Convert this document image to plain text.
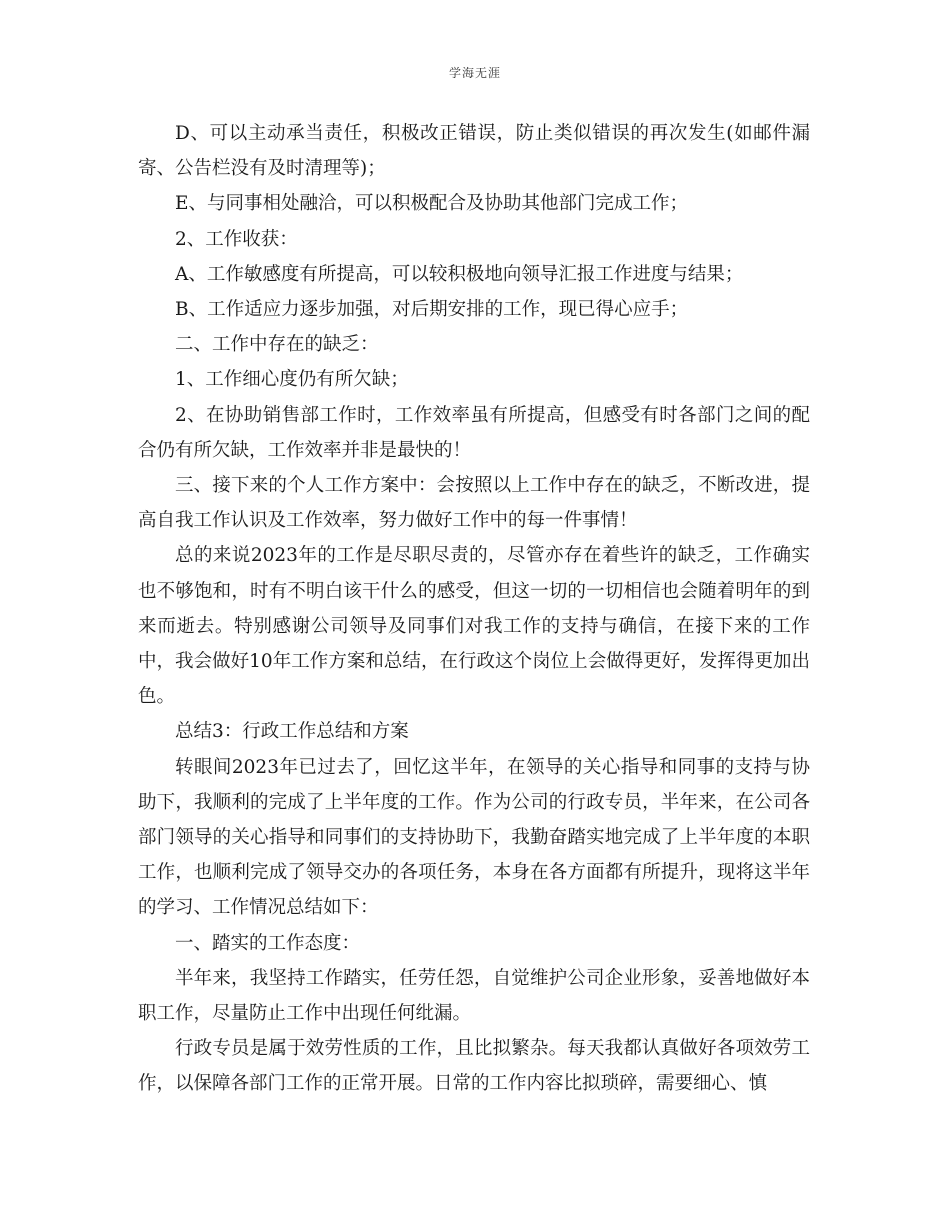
学海无涯

D、可以主动承当责任，积极改正错误，防止类似错误的再次发生(如邮件漏寄、公告栏没有及时清理等)；

E、与同事相处融洽，可以积极配合及协助其他部门完成工作；

2、工作收获：

A、工作敏感度有所提高，可以较积极地向领导汇报工作进度与结果；

B、工作适应力逐步加强，对后期安排的工作，现已得心应手；

二、工作中存在的缺乏：

1、工作细心度仍有所欠缺；

2、在协助销售部工作时，工作效率虽有所提高，但感受有时各部门之间的配合仍有所欠缺，工作效率并非是最快的！

三、接下来的个人工作方案中：会按照以上工作中存在的缺乏，不断改进，提高自我工作认识及工作效率，努力做好工作中的每一件事情！

总的来说2023年的工作是尽职尽责的，尽管亦存在着些许的缺乏，工作确实也不够饱和，时有不明白该干什么的感受，但这一切的一切相信也会随着明年的到来而逝去。特别感谢公司领导及同事们对我工作的支持与确信，在接下来的工作中，我会做好10年工作方案和总结，在行政这个岗位上会做得更好，发挥得更加出色。

总结3：行政工作总结和方案

转眼间2023年已过去了，回忆这半年，在领导的关心指导和同事的支持与协助下，我顺利的完成了上半年度的工作。作为公司的行政专员，半年来，在公司各部门领导的关心指导和同事们的支持协助下，我勤奋踏实地完成了上半年度的本职工作，也顺利完成了领导交办的各项任务，本身在各方面都有所提升，现将这半年的学习、工作情况总结如下：

一、踏实的工作态度：

半年来，我坚持工作踏实，任劳任怨，自觉维护公司企业形象，妥善地做好本职工作，尽量防止工作中出现任何纰漏。

行政专员是属于效劳性质的工作，且比拟繁杂。每天我都认真做好各项效劳工作，以保障各部门工作的正常开展。日常的工作内容比拟琐碎，需要细心、慎
